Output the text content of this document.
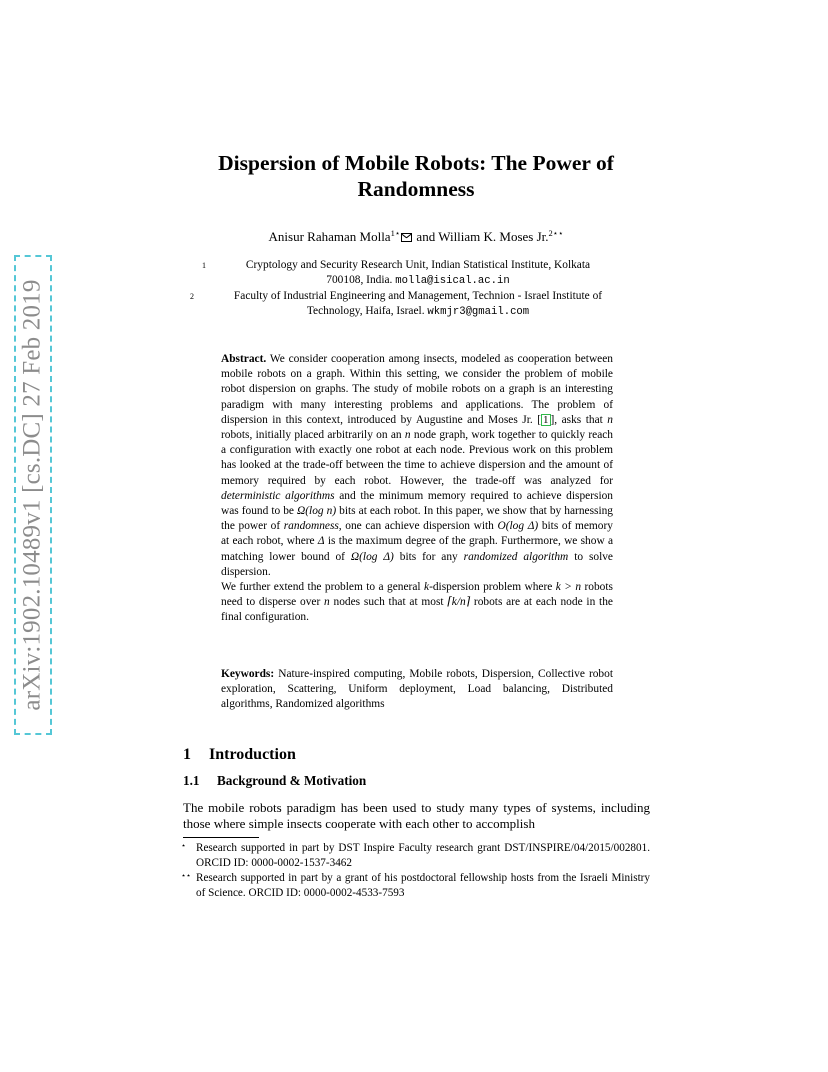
arXiv:1902.10489v1 [cs.DC] 27 Feb 2019
Dispersion of Mobile Robots: The Power of
Randomness

Anisur Rahaman Molla$^{1⋆}$ and William K. Moses Jr.$^{2⋆⋆}$

1	Cryptology and Security Research Unit, Indian Statistical Institute, Kolkata
700108, India. molla@isical.ac.in
2	Faculty of Industrial Engineering and Management, Technion - Israel Institute of
Technology, Haifa, Israel. wkmjr3@gmail.com

Abstract. We consider cooperation among insects, modeled as cooperation between mobile robots on a graph. Within this setting, we consider the problem of mobile robot dispersion on graphs. The study of mobile robots on a graph is an interesting paradigm with many interesting problems and applications. The problem of dispersion in this context, introduced by Augustine and Moses Jr. [ 1 ], asks that n robots, initially placed arbitrarily on an n node graph, work together to quickly reach a configuration with exactly one robot at each node. Previous work on this problem has looked at the trade-off between the time to achieve dispersion and the amount of memory required by each robot. However, the trade-off was analyzed for deterministic algorithms and the minimum memory required to achieve dispersion was found to be Ω(log n) bits at each robot. In this paper, we show that by harnessing the power of randomness, one can achieve dispersion with O(log Δ) bits of memory at each robot, where Δ is the maximum degree of the graph. Furthermore, we show a matching lower bound of Ω(log Δ) bits for any randomized algorithm to solve dispersion.

We further extend the problem to a general k-dispersion problem where k > n robots need to disperse over n nodes such that at most ⌈k/n⌉ robots are at each node in the final configuration.

Keywords: Nature-inspired computing, Mobile robots, Dispersion, Collective robot exploration, Scattering, Uniform deployment, Load balancing, Distributed algorithms, Randomized algorithms

1 Introduction
1.1 Background & Motivation

The mobile robots paradigm has been used to study many types of systems, including those where simple insects cooperate with each other to accomplish

⋆ Research supported in part by DST Inspire Faculty research grant DST/INSPIRE/04/2015/002801. ORCID ID: 0000-0002-1537-3462

⋆⋆ Research supported in part by a grant of his postdoctoral fellowship hosts from the Israeli Ministry of Science. ORCID ID: 0000-0002-4533-7593
